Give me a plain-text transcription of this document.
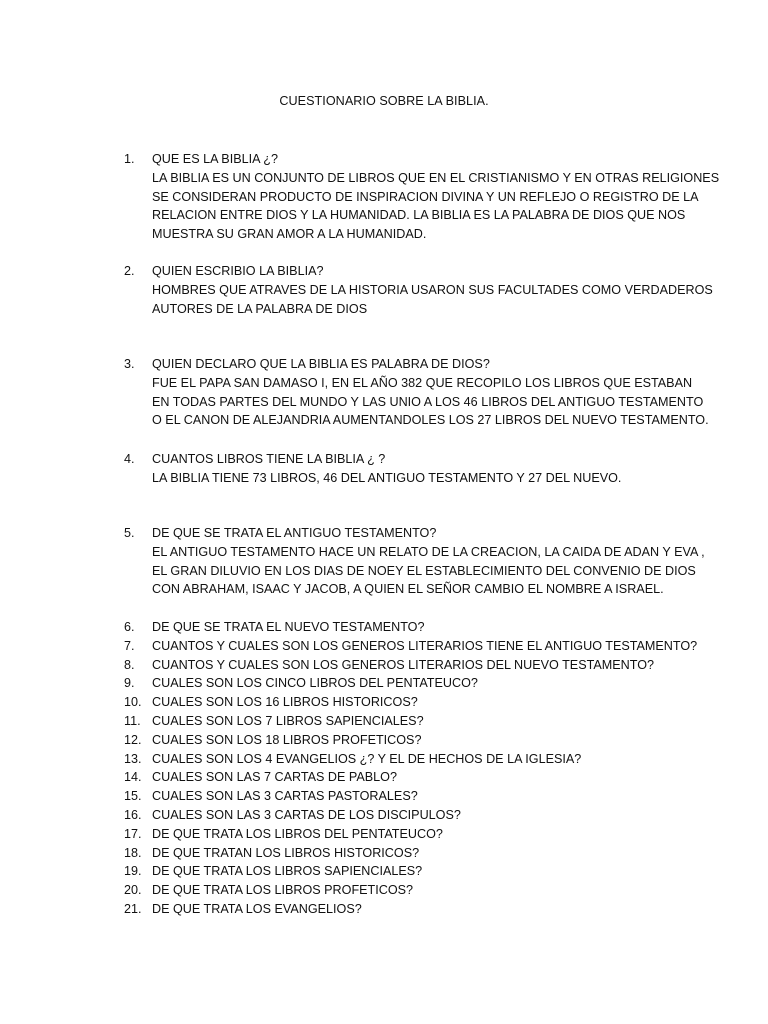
CUESTIONARIO SOBRE LA BIBLIA.
1.	QUE ES LA BIBLIA ¿?
LA BIBLIA ES UN CONJUNTO DE LIBROS QUE EN EL CRISTIANISMO Y EN OTRAS RELIGIONES
SE CONSIDERAN PRODUCTO DE INSPIRACION DIVINA Y UN REFLEJO O REGISTRO DE LA
RELACION ENTRE DIOS Y LA HUMANIDAD. LA BIBLIA ES LA PALABRA DE DIOS QUE NOS
MUESTRA SU GRAN AMOR A LA HUMANIDAD.
2.	QUIEN ESCRIBIO LA BIBLIA?
HOMBRES QUE ATRAVES DE LA HISTORIA USARON SUS FACULTADES COMO VERDADEROS
AUTORES DE LA PALABRA DE DIOS
3.	QUIEN DECLARO QUE LA BIBLIA ES PALABRA DE DIOS?
FUE EL PAPA SAN DAMASO I, EN EL AÑO 382 QUE RECOPILO LOS LIBROS QUE ESTABAN
EN TODAS PARTES DEL MUNDO Y LAS UNIO A LOS 46 LIBROS DEL ANTIGUO TESTAMENTO
O EL CANON DE ALEJANDRIA AUMENTANDOLES LOS 27 LIBROS DEL NUEVO TESTAMENTO.
4.	CUANTOS LIBROS TIENE LA BIBLIA ¿ ?
LA BIBLIA TIENE 73 LIBROS, 46 DEL ANTIGUO TESTAMENTO Y 27 DEL NUEVO.
5.	DE QUE SE TRATA EL ANTIGUO TESTAMENTO?
EL ANTIGUO TESTAMENTO HACE UN RELATO DE LA CREACION, LA CAIDA DE ADAN Y EVA ,
EL GRAN DILUVIO EN LOS DIAS DE NOEY EL ESTABLECIMIENTO DEL CONVENIO DE DIOS
CON ABRAHAM, ISAAC Y JACOB, A QUIEN EL SEÑOR CAMBIO EL NOMBRE A ISRAEL.
6.	DE QUE SE TRATA EL NUEVO TESTAMENTO?
7.	CUANTOS Y CUALES SON LOS GENEROS LITERARIOS TIENE EL ANTIGUO TESTAMENTO?
8.	CUANTOS Y CUALES SON LOS GENEROS LITERARIOS DEL NUEVO TESTAMENTO?
9.	CUALES SON LOS CINCO LIBROS DEL PENTATEUCO?
10. CUALES SON LOS 16 LIBROS HISTORICOS?
11. CUALES SON LOS 7 LIBROS SAPIENCIALES?
12. CUALES SON LOS 18 LIBROS PROFETICOS?
13. CUALES SON LOS 4 EVANGELIOS ¿? Y EL DE HECHOS DE LA IGLESIA?
14. CUALES SON LAS 7 CARTAS DE PABLO?
15. CUALES SON LAS 3 CARTAS PASTORALES?
16. CUALES SON LAS 3 CARTAS DE LOS DISCIPULOS?
17. DE QUE TRATA LOS LIBROS DEL PENTATEUCO?
18. DE QUE TRATAN LOS LIBROS HISTORICOS?
19. DE QUE TRATA LOS LIBROS SAPIENCIALES?
20. DE QUE TRATA LOS LIBROS PROFETICOS?
21. DE QUE TRATA LOS EVANGELIOS?
